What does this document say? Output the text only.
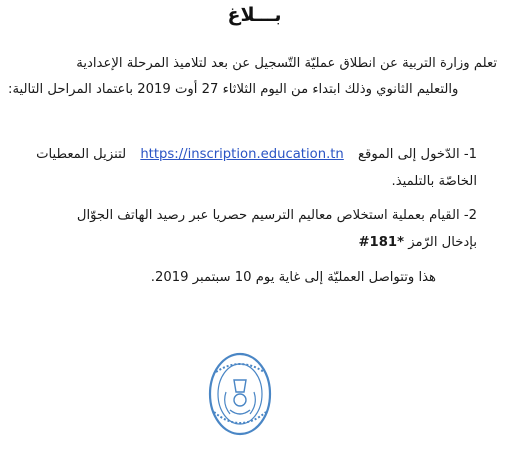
بـــلاغ
تعلم وزارة التربية عن انطلاق عمليّة التّسجيل عن بعد لتلاميذ المرحلة الإعدادية
والتعليم الثانوي وذلك ابتداء من اليوم الثلاثاء 27 أوت 2019 باعتماد المراحل التالية:
1- الدّخول إلى الموقع https://inscription.education.tn لتنزيل المعطيات
الخاصّة بالتلميذ.
2- القيام بعملية استخلاص معاليم الترسيم حصريا عبر رصيد الهاتف الجوّال
بإدخال الرّمز #181*
هذا وتتواصل العمليّة إلى غاية يوم 10 سبتمبر 2019.
